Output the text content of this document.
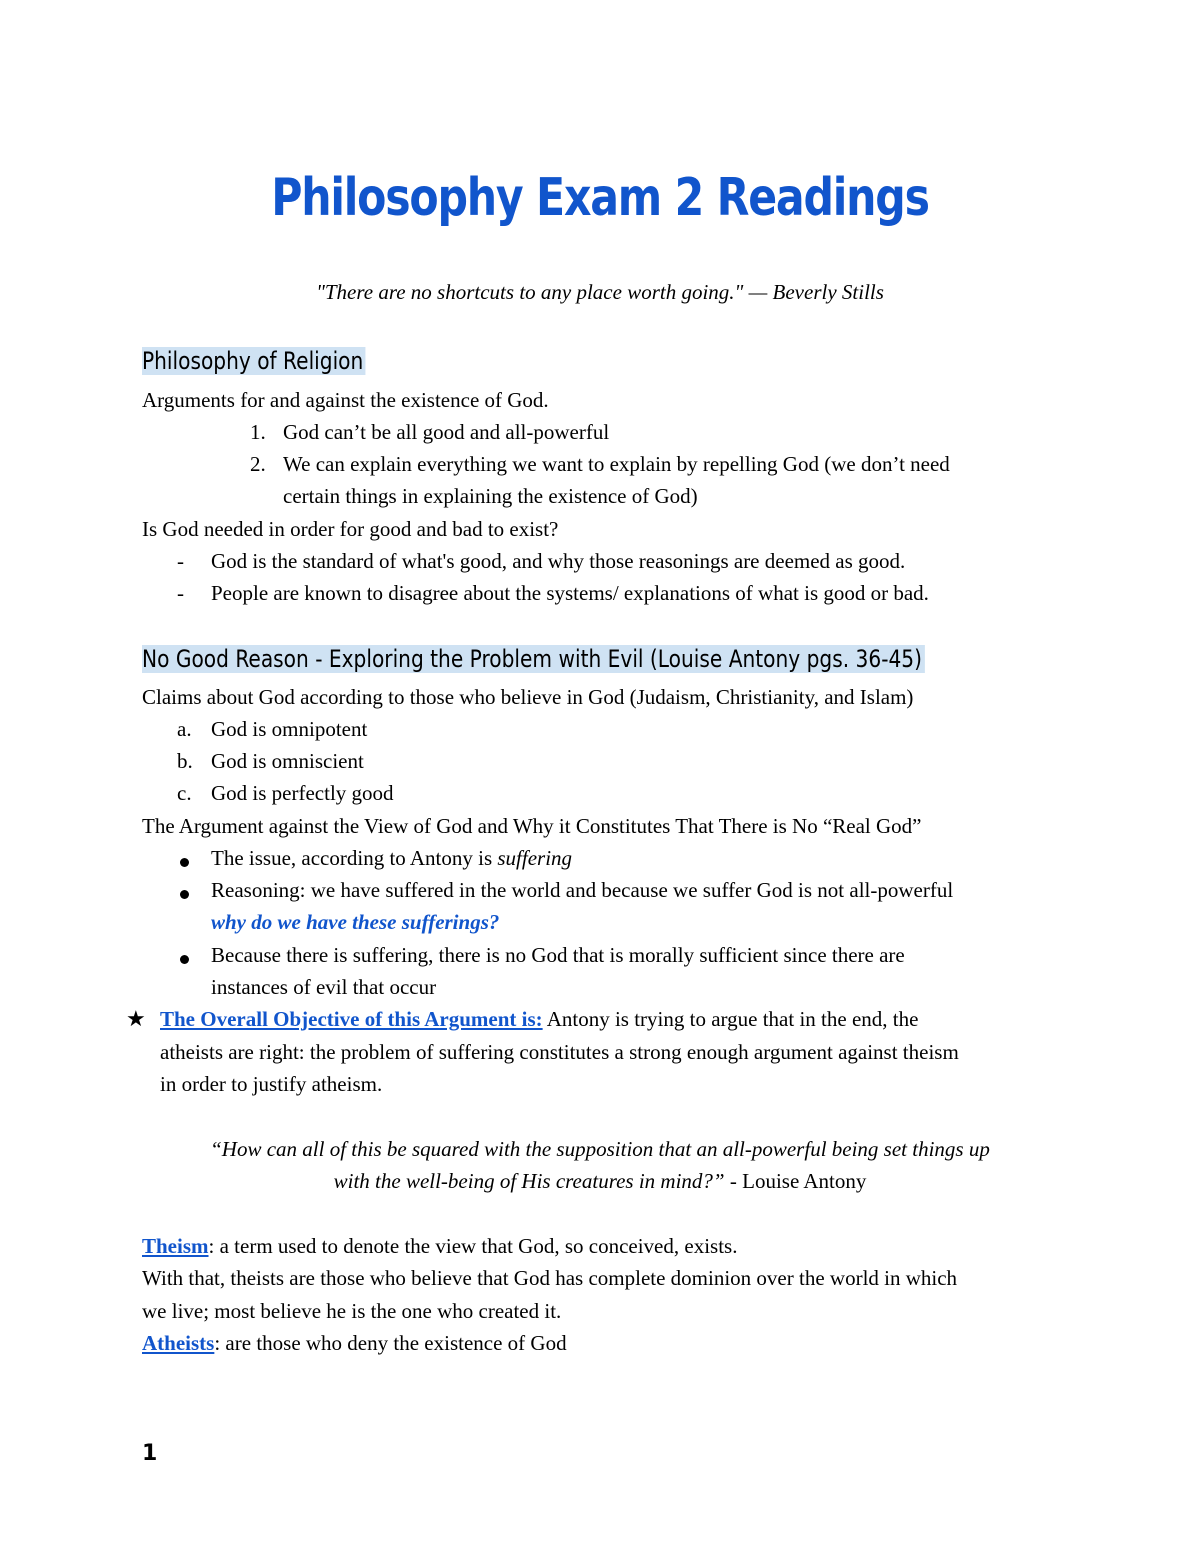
Philosophy Exam 2 Readings
"There are no shortcuts to any place worth going." — Beverly Stills
Philosophy of Religion
Arguments for and against the existence of God.
1. God can’t be all good and all-powerful
2. We can explain everything we want to explain by repelling God (we don’t need
certain things in explaining the existence of God)
Is God needed in order for good and bad to exist?
- God is the standard of what's good, and why those reasonings are deemed as good.
- People are known to disagree about the systems/ explanations of what is good or bad.
No Good Reason - Exploring the Problem with Evil (Louise Antony pgs. 36-45)
Claims about God according to those who believe in God (Judaism, Christianity, and Islam)
a. God is omnipotent
b. God is omniscient
c. God is perfectly good
The Argument against the View of God and Why it Constitutes That There is No “Real God”
The issue, according to Antony is suffering
Reasoning: we have suffered in the world and because we suffer God is not all-powerful
why do we have these sufferings?
Because there is suffering, there is no God that is morally sufficient since there are
instances of evil that occur
★ The Overall Objective of this Argument is: Antony is trying to argue that in the end, the
atheists are right: the problem of suffering constitutes a strong enough argument against theism
in order to justify atheism.
“How can all of this be squared with the supposition that an all-powerful being set things up
with the well-being of His creatures in mind?” - Louise Antony
Theism: a term used to denote the view that God, so conceived, exists.
With that, theists are those who believe that God has complete dominion over the world in which
we live; most believe he is the one who created it.
Atheists: are those who deny the existence of God
1
